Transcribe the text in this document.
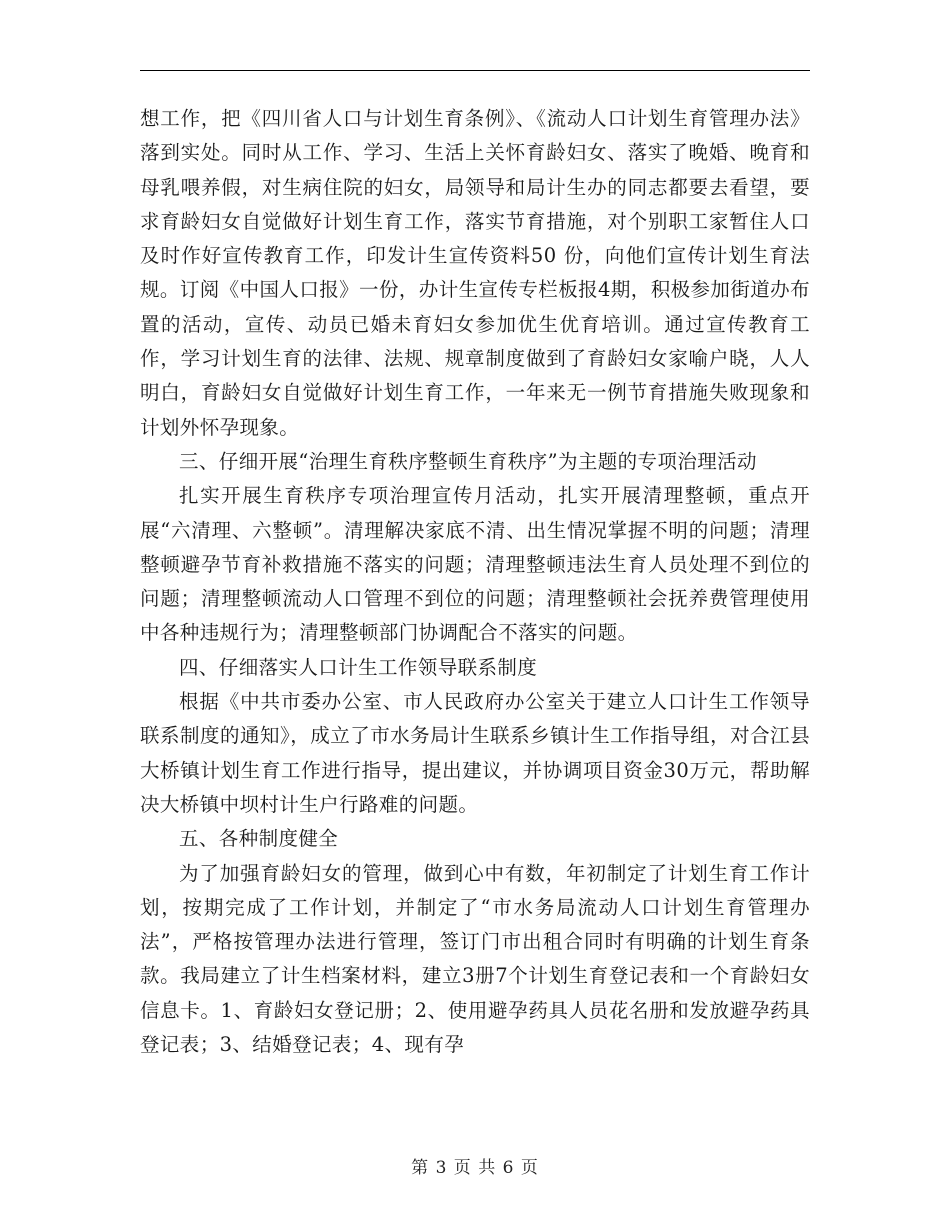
想工作，把《四川省人口与计划生育条例》、《流动人口计划生育管理办法》落到实处。同时从工作、学习、生活上关怀育龄妇女、落实了晚婚、晚育和母乳喂养假，对生病住院的妇女，局领导和局计生办的同志都要去看望，要求育龄妇女自觉做好计划生育工作，落实节育措施，对个别职工家暂住人口及时作好宣传教育工作，印发计生宣传资料50 份，向他们宣传计划生育法规。订阅《中国人口报》一份，办计生宣传专栏板报4期，积极参加街道办布置的活动，宣传、动员已婚未育妇女参加优生优育培训。通过宣传教育工作，学习计划生育的法律、法规、规章制度做到了育龄妇女家喻户晓，人人明白，育龄妇女自觉做好计划生育工作，一年来无一例节育措施失败现象和计划外怀孕现象。

三、仔细开展“治理生育秩序整顿生育秩序”为主题的专项治理活动

扎实开展生育秩序专项治理宣传月活动，扎实开展清理整顿，重点开展“六清理、六整顿”。清理解决家底不清、出生情况掌握不明的问题；清理整顿避孕节育补救措施不落实的问题；清理整顿违法生育人员处理不到位的问题；清理整顿流动人口管理不到位的问题；清理整顿社会抚养费管理使用中各种违规行为；清理整顿部门协调配合不落实的问题。

四、仔细落实人口计生工作领导联系制度

根据《中共市委办公室、市人民政府办公室关于建立人口计生工作领导联系制度的通知》，成立了市水务局计生联系乡镇计生工作指导组，对合江县大桥镇计划生育工作进行指导，提出建议，并协调项目资金30万元，帮助解决大桥镇中坝村计生户行路难的问题。

五、各种制度健全

为了加强育龄妇女的管理，做到心中有数，年初制定了计划生育工作计划，按期完成了工作计划，并制定了“市水务局流动人口计划生育管理办法”，严格按管理办法进行管理，签订门市出租合同时有明确的计划生育条款。我局建立了计生档案材料，建立3册7个计划生育登记表和一个育龄妇女信息卡。1、育龄妇女登记册；2、使用避孕药具人员花名册和发放避孕药具登记表；3、结婚登记表；4、现有孕

第 3 页 共 6 页
